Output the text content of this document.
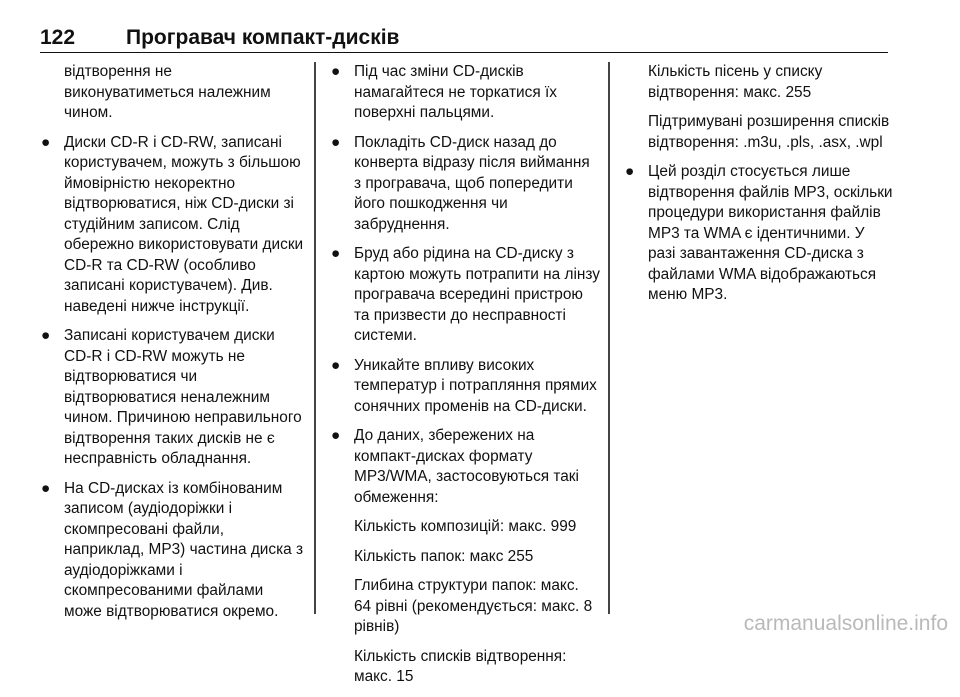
122 Програвач компакт-дисків

відтворення не виконуватиметься належним чином.

● Диски CD-R і CD-RW, записані користувачем, можуть з більшою ймовірністю некоректно відтворюватися, ніж CD-диски зі студійним записом. Слід обережно використовувати диски CD-R та CD-RW (особливо записані користувачем). Див. наведені нижче інструкції.
● Записані користувачем диски CD-R і CD-RW можуть не відтворюватися чи відтворюватися неналежним чином. Причиною неправильного відтворення таких дисків не є несправність обладнання.
● На CD-дисках із комбінованим записом (аудіодоріжки і скомпресовані файли, наприклад, MP3) частина диска з аудіодоріжками і скомпресованими файлами може відтворюватися окремо.
● Під час зміни CD-дисків намагайтеся не торкатися їх поверхні пальцями.
● Покладіть CD-диск назад до конверта відразу після виймання з програвача, щоб попередити його пошкодження чи забруднення.
● Бруд або рідина на CD-диску з картою можуть потрапити на лінзу програвача всередині пристрою та призвести до несправності системи.
● Уникайте впливу високих температур і потрапляння прямих сонячних променів на CD-диски.
● До даних, збережених на компакт-дисках формату MP3/WMA, застосовуються такі обмеження:

Кількість композицій: макс. 999

Кількість папок: макс 255

Глибина структури папок: макс. 64 рівні (рекомендується: макс. 8 рівнів)

Кількість списків відтворення: макс. 15

Кількість пісень у списку відтворення: макс. 255

Підтримувані розширення списків відтворення: .m3u, .pls, .asx, .wpl

● Цей розділ стосується лише відтворення файлів MP3, оскільки процедури використання файлів MP3 та WMA є ідентичними. У разі завантаження CD-диска з файлами WMA відображаються меню MP3.
carmanualsonline.info
